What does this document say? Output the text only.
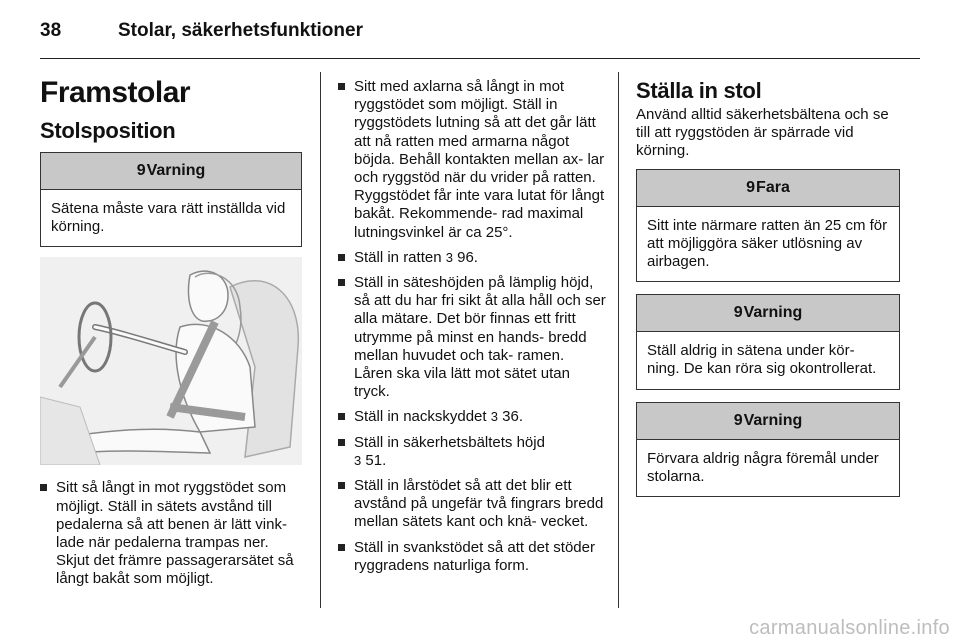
38	Stolar, säkerhetsfunktioner
Framstolar
Stolsposition
9Varning
Sätena måste vara rätt inställda vid körning.
Sitt så långt in mot ryggstödet som möjligt. Ställ in sätets avstånd till pedalerna så att benen är lätt vink- lade när pedalerna trampas ner. Skjut det främre passagerarsätet så långt bakåt som möjligt.
Sitt med axlarna så långt in mot ryggstödet som möjligt. Ställ in ryggstödets lutning så att det går lätt att nå ratten med armarna något böjda. Behåll kontakten mellan ax- lar och ryggstöd när du vrider på ratten. Ryggstödet får inte vara lutat för långt bakåt. Rekommende- rad maximal lutningsvinkel är ca 25°.
Ställ in ratten 3 96.
Ställ in säteshöjden på lämplig höjd, så att du har fri sikt åt alla håll och ser alla mätare. Det bör finnas ett fritt utrymme på minst en hands- bredd mellan huvudet och tak- ramen. Låren ska vila lätt mot sätet utan tryck.
Ställ in nackskyddet 3 36.
Ställ in säkerhetsbältets höjd
3 51.
Ställ in lårstödet så att det blir ett avstånd på ungefär två fingrars bredd mellan sätets kant och knä- vecket.
Ställ in svankstödet så att det stöder ryggradens naturliga form.
Ställa in stol
Använd alltid säkerhetsbältena och se till att ryggstöden är spärrade vid körning.
9Fara
Sitt inte närmare ratten än 25 cm för att möjliggöra säker utlösning av airbagen.
9Varning
Ställ aldrig in sätena under kör- ning. De kan röra sig okontrollerat.
9Varning
Förvara aldrig några föremål under stolarna.
carmanualsonline.info
